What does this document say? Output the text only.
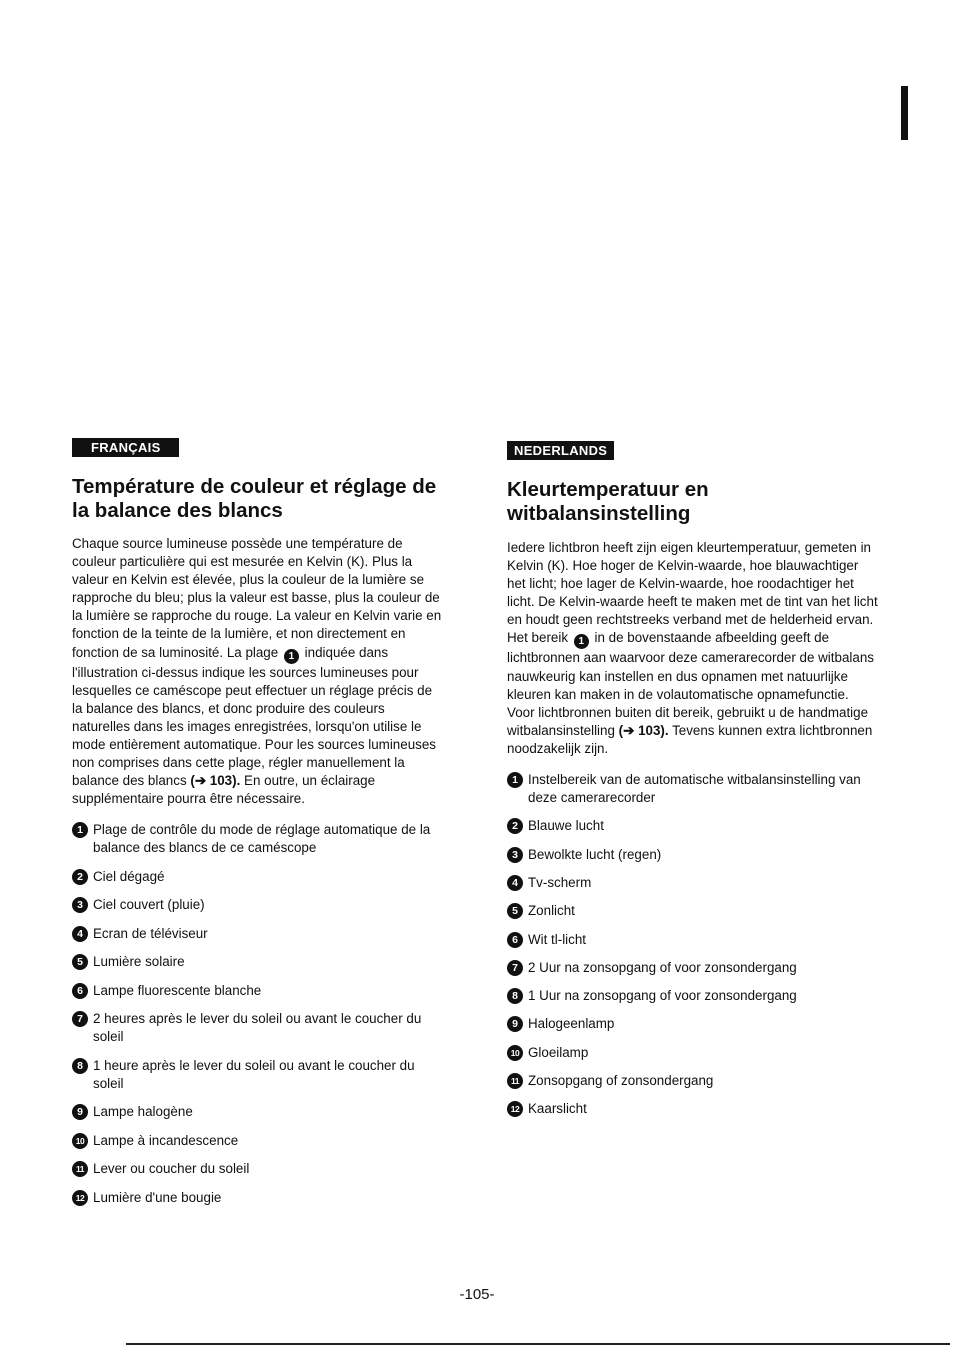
FRANÇAIS
Température de couleur et réglage de la balance des blancs

Chaque source lumineuse possède une température de couleur particulière qui est mesurée en Kelvin (K). Plus la valeur en Kelvin est élevée, plus la couleur de la lumière se rapproche du bleu; plus la valeur est basse, plus la couleur de la lumière se rapproche du rouge. La valeur en Kelvin varie en fonction de la teinte de la lumière, et non directement en fonction de sa luminosité. La plage 1 indiquée dans l'illustration ci-dessus indique les sources lumineuses pour lesquelles ce caméscope peut effectuer un réglage précis de la balance des blancs, et donc produire des couleurs naturelles dans les images enregistrées, lorsqu'on utilise le mode entièrement automatique. Pour les sources lumineuses non comprises dans cette plage, régler manuellement la balance des blancs (➔ 103). En outre, un éclairage supplémentaire pourra être nécessaire.

1 Plage de contrôle du mode de réglage automatique de la balance des blancs de ce caméscope
2 Ciel dégagé
3 Ciel couvert (pluie)
4 Ecran de téléviseur
5 Lumière solaire
6 Lampe fluorescente blanche
7 2 heures après le lever du soleil ou avant le coucher du soleil
8 1 heure après le lever du soleil ou avant le coucher du soleil
9 Lampe halogène
10 Lampe à incandescence
11 Lever ou coucher du soleil
12 Lumière d'une bougie
NEDERLANDS
Kleurtemperatuur en witbalansinstelling

Iedere lichtbron heeft zijn eigen kleurtemperatuur, gemeten in Kelvin (K). Hoe hoger de Kelvin-waarde, hoe blauwachtiger het licht; hoe lager de Kelvin-waarde, hoe roodachtiger het licht. De Kelvin-waarde heeft te maken met de tint van het licht en houdt geen rechtstreeks verband met de helderheid ervan.

Het bereik 1 in de bovenstaande afbeelding geeft de lichtbronnen aan waarvoor deze camerarecorder de witbalans nauwkeurig kan instellen en dus opnamen met natuurlijke kleuren kan maken in de volautomatische opnamefunctie. Voor lichtbronnen buiten dit bereik, gebruikt u de handmatige witbalansinstelling (➔ 103). Tevens kunnen extra lichtbronnen noodzakelijk zijn.

1 Instelbereik van de automatische witbalansinstelling van deze camerarecorder
2 Blauwe lucht
3 Bewolkte lucht (regen)
4 Tv-scherm
5 Zonlicht
6 Wit tl-licht
7 2 Uur na zonsopgang of voor zonsondergang
8 1 Uur na zonsopgang of voor zonsondergang
9 Halogeenlamp
10 Gloeilamp
11 Zonsopgang of zonsondergang
12 Kaarslicht
-105-
